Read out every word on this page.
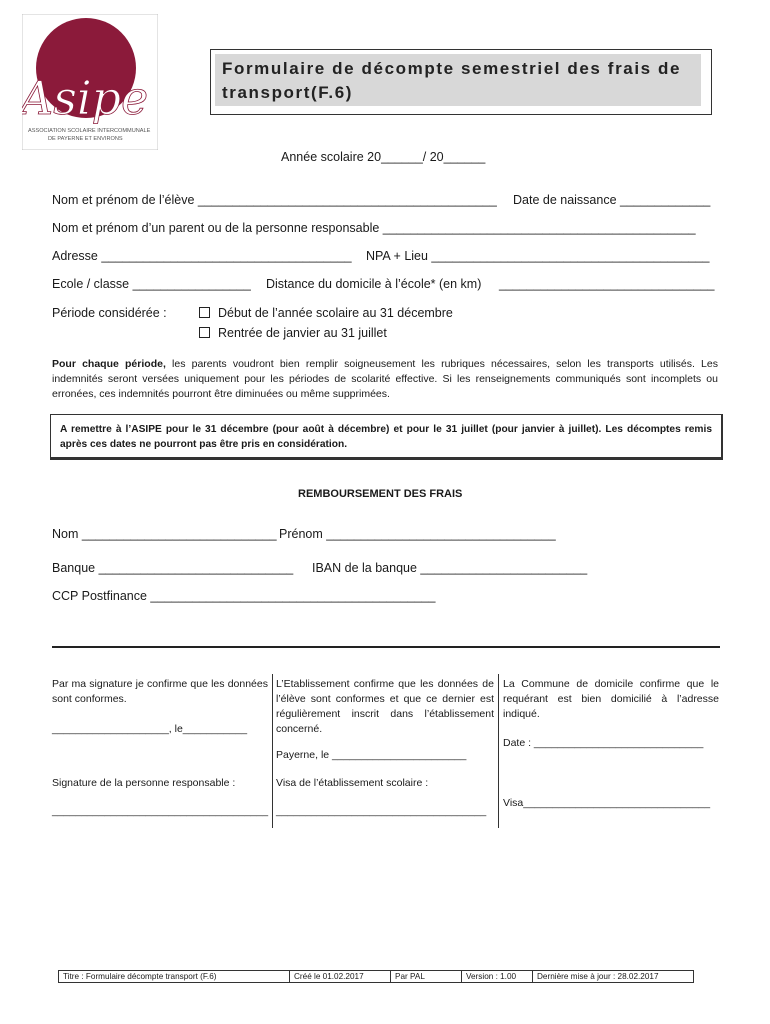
Asipe
ASSOCIATION SCOLAIRE INTERCOMMUNALE
DE PAYERNE ET ENVIRONS
Formulaire de décompte semestriel des frais de
transport(F.6)
Année scolaire 20______/ 20______
Nom et prénom de l’élève ___________________________________________ Date de naissance _____________
Nom et prénom d’un parent ou de la personne responsable _____________________________________________
Adresse ____________________________________ NPA + Lieu ________________________________________
Ecole / classe _________________ Distance du domicile à l’école* (en km) _______________________________
Période considérée :	Début de l’année scolaire au 31 décembre
Rentrée de janvier au 31 juillet
Pour chaque période, les parents voudront bien remplir soigneusement les rubriques nécessaires, selon les transports utilisés. Les indemnités seront versées uniquement pour les périodes de scolarité effective. Si les renseignements communiqués sont incomplets ou erronées, ces indemnités pourront être diminuées ou même supprimées.
A remettre à l’ASIPE pour le 31 décembre (pour août à décembre) et pour le 31 juillet (pour janvier à juillet). Les décomptes remis après ces dates ne pourront pas être pris en considération.
REMBOURSEMENT DES FRAIS
Nom ____________________________ Prénom _________________________________
Banque ____________________________ IBAN de la banque ________________________
CCP Postfinance _________________________________________
Par ma signature je confirme que les données sont conformes.
____________________, le___________
Signature de la personne responsable :
_____________________________________
L’Etablissement confirme que les données de l’élève sont conformes et que ce dernier est régulièrement inscrit dans l’établissement concerné.
Payerne, le _______________________
Visa de l’établissement scolaire :
____________________________________
La Commune de domicile confirme que le requérant est bien domicilié à l’adresse indiqué.
Date : _____________________________
Visa________________________________
Titre : Formulaire décompte transport (F.6)	Créé le 01.02.2017	Par PAL	Version : 1.00	Dernière mise à jour : 28.02.2017
